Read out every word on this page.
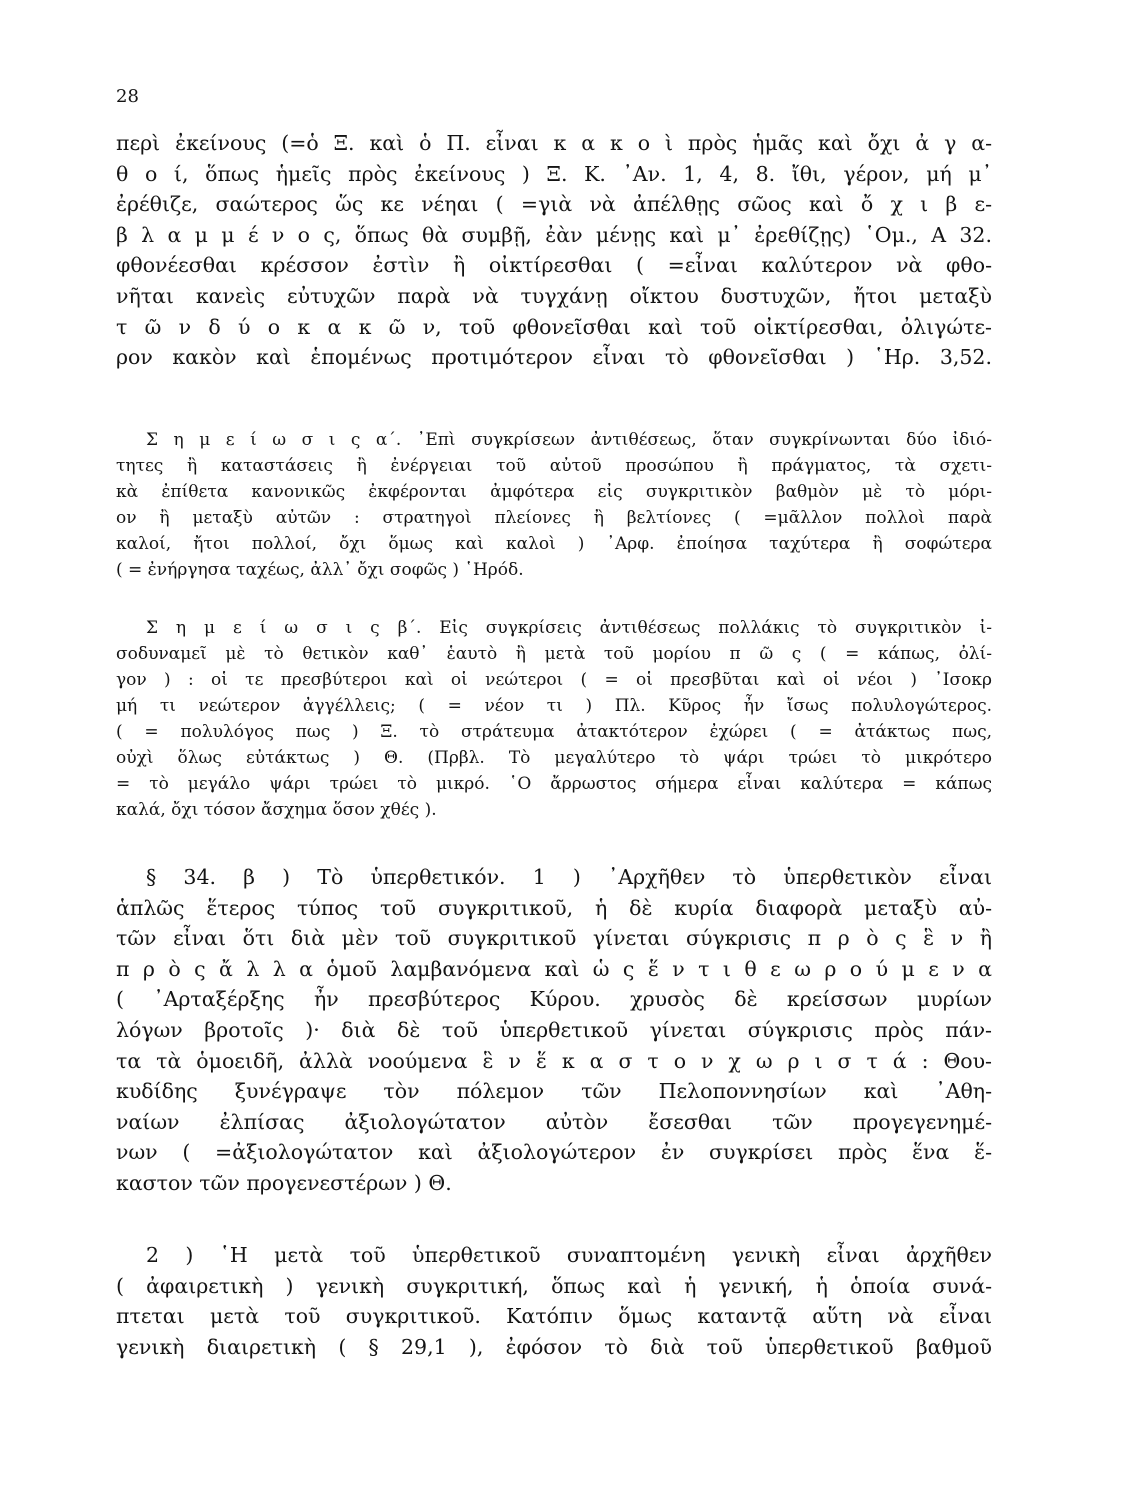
28
περὶ ἐκείνους (=ὁ Ξ. καὶ ὁ Π. εἶναι κ α κ ο ὶ πρὸς ἡμᾶς καὶ ὄχι ἀ γ α-
θ ο ί, ὅπως ἡμεῖς πρὸς ἐκείνους ) Ξ. Κ. ᾿Αν. 1, 4, 8. ἴθι, γέρον, μή μ᾿
ἐρέθιζε, σαώτερος ὥς κε νέηαι ( =γιὰ νὰ ἀπέλθῃς σῶος καὶ ὄ χ ι β ε-
β λ α μ μ έ ν ο ς, ὅπως θὰ συμβῇ, ἐὰν μένῃς καὶ μ᾿ ἐρεθίζῃς) ῾Ομ., Α 32.
φθονέεσθαι κρέσσον ἐστὶν ἢ οἰκτίρεσθαι ( =εἶναι καλύτερον νὰ φθο-
νῆται κανεὶς εὐτυχῶν παρὰ νὰ τυγχάνῃ οἴκτου δυστυχῶν, ἤτοι μεταξὺ
τ ῶ ν δ ύ ο κ α κ ῶ ν, τοῦ φθονεῖσθαι καὶ τοῦ οἰκτίρεσθαι, ὀλιγώτε-
ρον κακὸν καὶ ἑπομένως προτιμότερον εἶναι τὸ φθονεῖσθαι ) ῾Ηρ. 3,52.
Σ η μ ε ί ω σ ι ς α΄. ᾿Επὶ συγκρίσεων ἀντιθέσεως, ὅταν συγκρίνωνται δύο ἰδιό-
τητες ἢ καταστάσεις ἢ ἐνέργειαι τοῦ αὐτοῦ προσώπου ἢ πράγματος, τὰ σχετι-
κὰ ἐπίθετα κανονικῶς ἐκφέρονται ἀμφότερα εἰς συγκριτικὸν βαθμὸν μὲ τὸ μόρι-
ον ἢ μεταξὺ αὐτῶν : στρατηγοὶ πλείονες ἢ βελτίονες ( =μᾶλλον πολλοὶ παρὰ
καλοί, ἤτοι πολλοί, ὄχι ὅμως καὶ καλοὶ ) ᾿Αρφ. ἐποίησα ταχύτερα ἢ σοφώτερα
( = ἐνήργησα ταχέως, ἀλλ᾿ ὄχι σοφῶς ) ῾Ηρόδ.
Σ η μ ε ί ω σ ι ς β΄. Εἰς συγκρίσεις ἀντιθέσεως πολλάκις τὸ συγκριτικὸν ἰ-
σοδυναμεῖ μὲ τὸ θετικὸν καθ᾿ ἑαυτὸ ἢ μετὰ τοῦ μορίου π ῶ ς ( = κάπως, ὀλί-
γον ) : οἱ τε πρεσβύτεροι καὶ οἱ νεώτεροι ( = οἱ πρεσβῦται καὶ οἱ νέοι ) ᾿Ισοκρ
μή τι νεώτερον ἀγγέλλεις; ( = νέον τι ) Πλ. Κῦρος ἦν ἴσως πολυλογώτερος.
( = πολυλόγος πως ) Ξ. τὸ στράτευμα ἀτακτότερον ἐχώρει ( = ἀτάκτως πως,
οὐχὶ ὅλως εὐτάκτως ) Θ. (Πρβλ. Τὸ μεγαλύτερο τὸ ψάρι τρώει τὸ μικρότερο
= τὸ μεγάλο ψάρι τρώει τὸ μικρό. ῾Ο ἄρρωστος σήμερα εἶναι καλύτερα = κάπως
καλά, ὄχι τόσον ἄσχημα ὅσον χθές ).
§ 34. β ) Τὸ ὑπερθετικόν. 1 ) ᾿Αρχῆθεν τὸ ὑπερθετικὸν εἶναι
ἁπλῶς ἕτερος τύπος τοῦ συγκριτικοῦ, ἡ δὲ κυρία διαφορὰ μεταξὺ αὐ-
τῶν εἶναι ὅτι διὰ μὲν τοῦ συγκριτικοῦ γίνεται σύγκρισις π ρ ὸ ς ἓ ν ἢ
π ρ ὸ ς ἄ λ λ α ὁμοῦ λαμβανόμενα καὶ ὡ ς ἕ ν τ ι θ ε ω ρ ο ύ μ ε ν α
( ᾿Αρταξέρξης ἦν πρεσβύτερος Κύρου. χρυσὸς δὲ κρείσσων μυρίων
λόγων βροτοῖς )· διὰ δὲ τοῦ ὑπερθετικοῦ γίνεται σύγκρισις πρὸς πάν-
τα τὰ ὁμοειδῆ, ἀλλὰ νοούμενα ἓ ν ἕ κ α σ τ ο ν χ ω ρ ι σ τ ά : Θου-
κυδίδης ξυνέγραψε τὸν πόλεμον τῶν Πελοποννησίων καὶ ᾿Αθη-
ναίων ἐλπίσας ἀξιολογώτατον αὐτὸν ἔσεσθαι τῶν προγεγενημέ-
νων ( =ἀξιολογώτατον καὶ ἀξιολογώτερον ἐν συγκρίσει πρὸς ἕνα ἕ-
καστον τῶν προγενεστέρων ) Θ.
2 ) ῾Η μετὰ τοῦ ὑπερθετικοῦ συναπτομένη γενικὴ εἶναι ἀρχῆθεν
( ἀφαιρετικὴ ) γενικὴ συγκριτική, ὅπως καὶ ἡ γενική, ἡ ὁποία συνά-
πτεται μετὰ τοῦ συγκριτικοῦ. Κατόπιν ὅμως καταντᾷ αὕτη νὰ εἶναι
γενικὴ διαιρετικὴ ( § 29,1 ), ἐφόσον τὸ διὰ τοῦ ὑπερθετικοῦ βαθμοῦ
